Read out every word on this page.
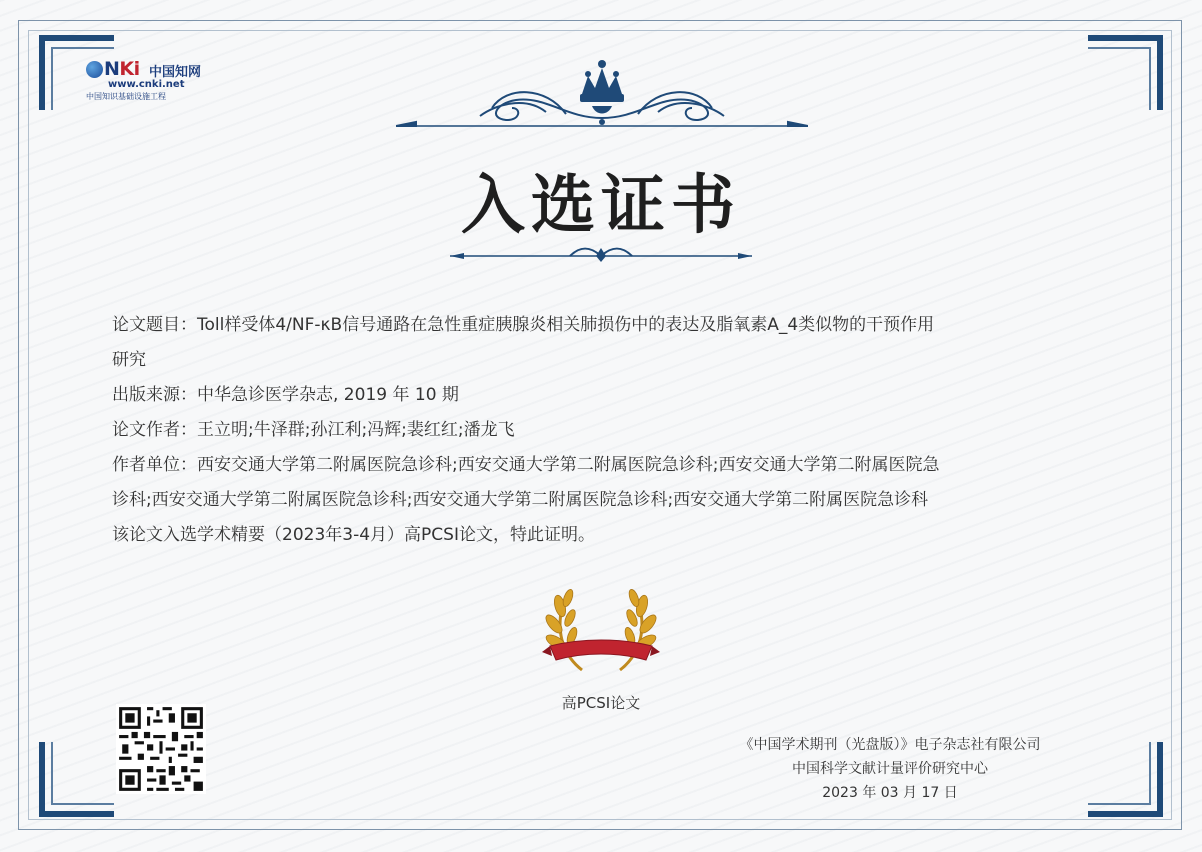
NKi 中国知网
www.cnki.net
中国知识基础设施工程
入选证书
论文题目：Toll样受体4/NF-κB信号通路在急性重症胰腺炎相关肺损伤中的表达及脂氧素A_4类似物的干预作用
研究
出版来源：中华急诊医学杂志, 2019 年 10 期
论文作者：王立明;牛泽群;孙江利;冯辉;裴红红;潘龙飞
作者单位：西安交通大学第二附属医院急诊科;西安交通大学第二附属医院急诊科;西安交通大学第二附属医院急
诊科;西安交通大学第二附属医院急诊科;西安交通大学第二附属医院急诊科;西安交通大学第二附属医院急诊科
该论文入选学术精要（2023年3-4月）高PCSI论文，特此证明。
高PCSI论文
《中国学术期刊（光盘版）》电子杂志社有限公司
中国科学文献计量评价研究中心
2023 年 03 月 17 日
